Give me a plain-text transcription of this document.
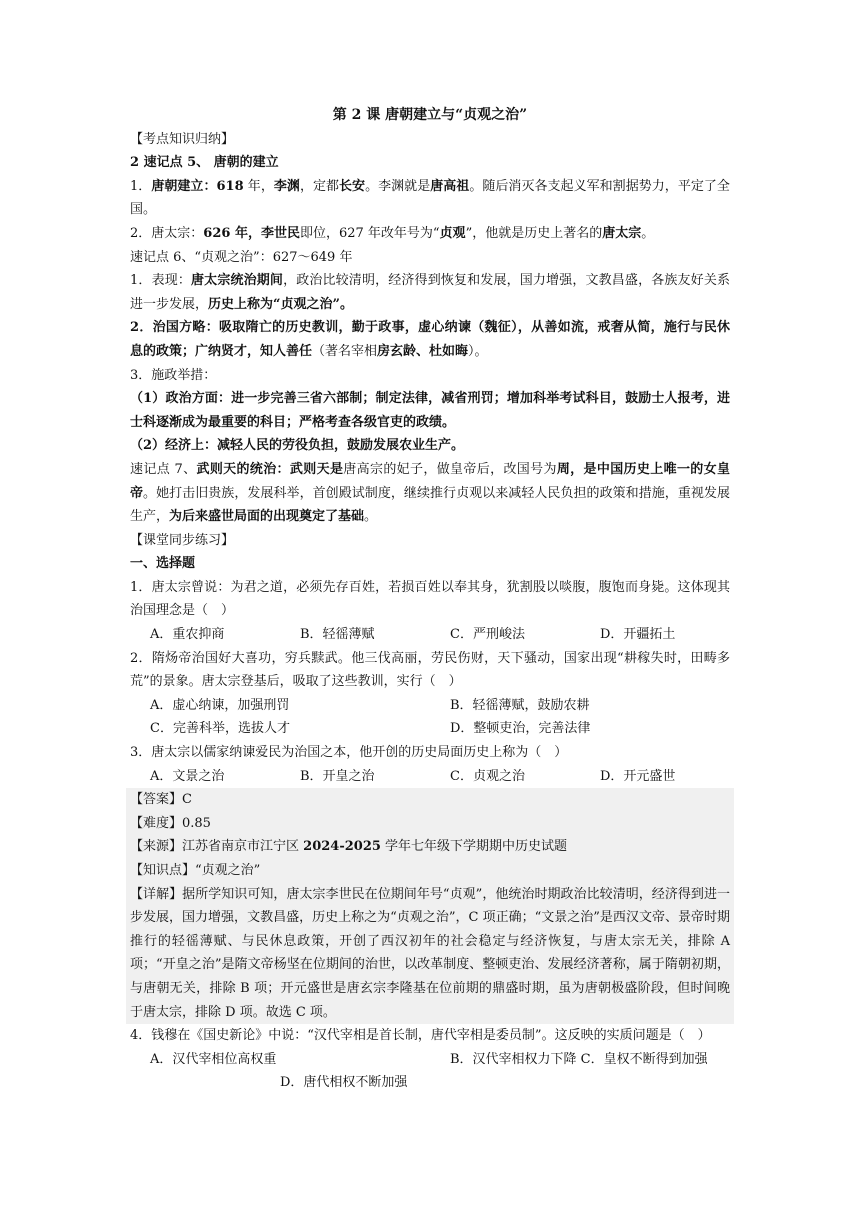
第 2 课 唐朝建立与“贞观之治”

【考点知识归纳】

2 速记点 5、 唐朝的建立

1．唐朝建立：618 年，李渊，定都长安。李渊就是唐高祖。随后消灭各支起义军和割据势力，平定了全国。

2．唐太宗：626 年，李世民即位，627 年改年号为“贞观”，他就是历史上著名的唐太宗。

速记点 6、“贞观之治”：627～649 年

1．表现：唐太宗统治期间，政治比较清明，经济得到恢复和发展，国力增强，文教昌盛，各族友好关系进一步发展，历史上称为“贞观之治”。

2．治国方略：吸取隋亡的历史教训，勤于政事，虚心纳谏（魏征），从善如流，戒奢从简，施行与民休息的政策；广纳贤才，知人善任（著名宰相房玄龄、杜如晦）。

3．施政举措：

（1）政治方面：进一步完善三省六部制；制定法律，减省刑罚；增加科举考试科目，鼓励士人报考，进士科逐渐成为最重要的科目；严格考查各级官吏的政绩。

（2）经济上：减轻人民的劳役负担，鼓励发展农业生产。

速记点 7、武则天的统治：武则天是唐高宗的妃子，做皇帝后，改国号为周，是中国历史上唯一的女皇帝。她打击旧贵族，发展科举，首创殿试制度，继续推行贞观以来减轻人民负担的政策和措施，重视发展生产，为后来盛世局面的出现奠定了基础。

【课堂同步练习】

一、选择题

1．唐太宗曾说：为君之道，必须先存百姓，若损百姓以奉其身，犹割股以啖腹，腹饱而身毙。这体现其治国理念是（　）

A．重农抑商	B．轻徭薄赋	C．严刑峻法	D．开疆拓土

2．隋炀帝治国好大喜功，穷兵黩武。他三伐高丽，劳民伤财，天下骚动，国家出现“耕稼失时，田畴多荒”的景象。唐太宗登基后，吸取了这些教训，实行（　）

A．虚心纳谏，加强刑罚	B．轻徭薄赋，鼓励农耕
C．完善科举，选拔人才	D．整顿吏治，完善法律

3．唐太宗以儒家纳谏爱民为治国之本，他开创的历史局面历史上称为（　）

A．文景之治	B．开皇之治	C．贞观之治	D．开元盛世

【答案】C

【难度】0.85

【来源】江苏省南京市江宁区 2024-2025 学年七年级下学期期中历史试题

【知识点】“贞观之治”

【详解】据所学知识可知，唐太宗李世民在位期间年号“贞观”，他统治时期政治比较清明，经济得到进一步发展，国力增强，文教昌盛，历史上称之为“贞观之治”，C 项正确；“文景之治”是西汉文帝、景帝时期推行的轻徭薄赋、与民休息政策，开创了西汉初年的社会稳定与经济恢复，与唐太宗无关，排除 A 项；“开皇之治”是隋文帝杨坚在位期间的治世，以改革制度、整顿吏治、发展经济著称，属于隋朝初期，与唐朝无关，排除 B 项；开元盛世是唐玄宗李隆基在位前期的鼎盛时期，虽为唐朝极盛阶段，但时间晚于唐太宗，排除 D 项。故选 C 项。

4．钱穆在《国史新论》中说：“汉代宰相是首长制，唐代宰相是委员制”。这反映的实质问题是（　）

A．汉代宰相位高权重	B．汉代宰相权力下降 C．皇权不断得到加强
D．唐代相权不断加强
